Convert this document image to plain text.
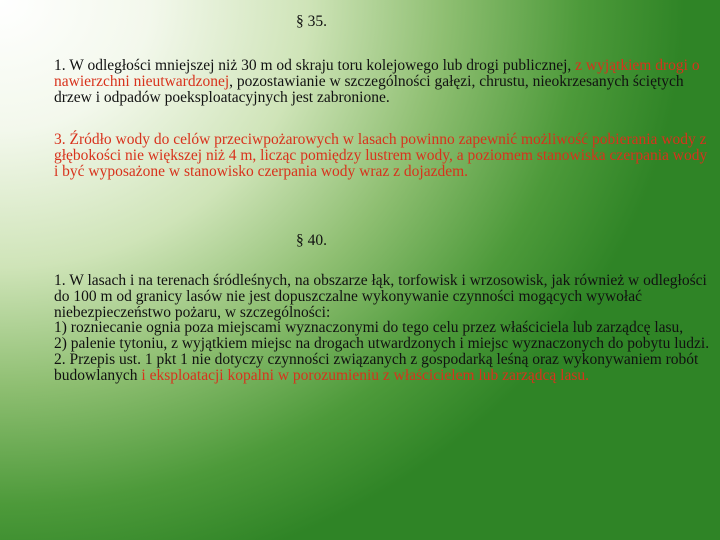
§ 35.

1. W odległości mniejszej niż 30 m od skraju toru kolejowego lub drogi publicznej, z wyjątkiem drogi o nawierzchni nieutwardzonej, pozostawianie w szczególności gałęzi, chrustu, nieokrzesanych ściętych drzew i odpadów poeksploatacyjnych jest zabronione.

3. Źródło wody do celów przeciwpożarowych w lasach powinno zapewnić możliwość pobierania wody z głębokości nie większej niż 4 m, licząc pomiędzy lustrem wody, a poziomem stanowiska czerpania wody i być wyposażone w stanowisko czerpania wody wraz z dojazdem.

§ 40.
1. W lasach i na terenach śródleśnych, na obszarze łąk, torfowisk i wrzosowisk, jak również w odległości do 100 m od granicy lasów nie jest dopuszczalne wykonywanie czynności mogących wywołać niebezpieczeństwo pożaru, w szczególności:
1) rozniecanie ognia poza miejscami wyznaczonymi do tego celu przez właściciela lub zarządcę lasu,
2) palenie tytoniu, z wyjątkiem miejsc na drogach utwardzonych i miejsc wyznaczonych do pobytu ludzi.
2. Przepis ust. 1 pkt 1 nie dotyczy czynności związanych z gospodarką leśną oraz wykonywaniem robót budowlanych i eksploatacji kopalni w porozumieniu z właścicielem lub zarządcą lasu.
